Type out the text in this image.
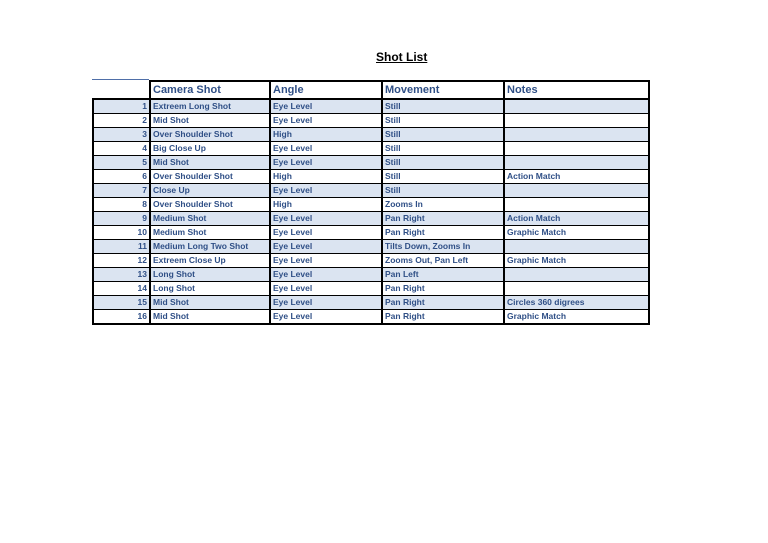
Shot List
	Camera Shot	Angle	Movement	Notes
1	Extreem Long Shot	Eye Level	Still	
2	Mid Shot	Eye Level	Still	
3	Over Shoulder Shot	High	Still	
4	Big Close Up	Eye Level	Still	
5	Mid Shot	Eye Level	Still	
6	Over Shoulder Shot	High	Still	Action Match
7	Close Up	Eye Level	Still	
8	Over Shoulder Shot	High	Zooms In	
9	Medium Shot	Eye Level	Pan Right	Action Match
10	Medium Shot	Eye Level	Pan Right	Graphic Match
11	Medium Long Two Shot	Eye Level	Tilts Down, Zooms In	
12	Extreem Close Up	Eye Level	Zooms Out, Pan Left	Graphic Match
13	Long Shot	Eye Level	Pan Left	
14	Long Shot	Eye Level	Pan Right	
15	Mid Shot	Eye Level	Pan Right	Circles 360 digrees
16	Mid Shot	Eye Level	Pan Right	Graphic Match
